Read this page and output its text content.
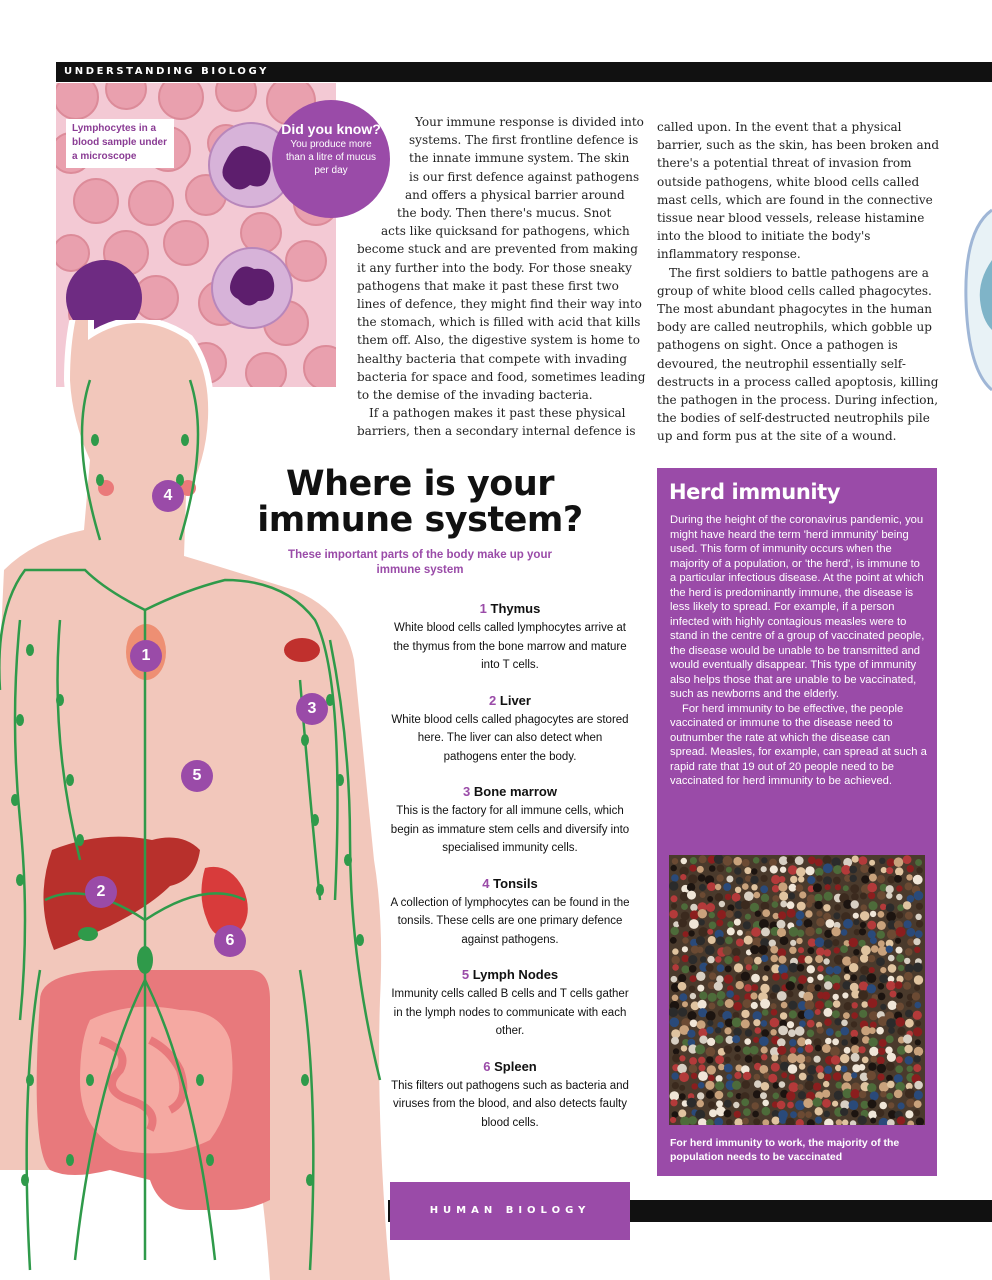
UNDERSTANDING BIOLOGY
Lymphocytes in a blood sample under a microscope
Did you know?
You produce more than a litre of mucus per day
Your immune response is divided into
systems. The first frontline defence is
the innate immune system. The skin
is our first defence against pathogens
and offers a physical barrier around
the body. Then there's mucus. Snot
acts like quicksand for pathogens, which
become stuck and are prevented from making
it any further into the body. For those sneaky
pathogens that make it past these first two
lines of defence, they might find their way into
the stomach, which is filled with acid that kills
them off. Also, the digestive system is home to
healthy bacteria that compete with invading
bacteria for space and food, sometimes leading
to the demise of the invading bacteria.
If a pathogen makes it past these physical
barriers, then a secondary internal defence is

called upon. In the event that a physical barrier, such as the skin, has been broken and there's a potential threat of invasion from outside pathogens, white blood cells called mast cells, which are found in the connective tissue near blood vessels, release histamine into the blood to initiate the body's inflammatory response.

The first soldiers to battle pathogens are a group of white blood cells called phagocytes. The most abundant phagocytes in the human body are called neutrophils, which gobble up pathogens on sight. Once a pathogen is devoured, the neutrophil essentially self-destructs in a process called apoptosis, killing the pathogen in the process. During infection, the bodies of self-destructed neutrophils pile up and form pus at the site of a wound.

1
2
3
4
5
6
Where is your
immune system?
These important parts of the body make up your immune system
1 Thymus
White blood cells called lymphocytes arrive at the thymus from the bone marrow and mature into T cells.
2 Liver
White blood cells called phagocytes are stored here. The liver can also detect when pathogens enter the body.
3 Bone marrow
This is the factory for all immune cells, which begin as immature stem cells and diversify into specialised immunity cells.
4 Tonsils
A collection of lymphocytes can be found in the tonsils. These cells are one primary defence against pathogens.
5 Lymph Nodes
Immunity cells called B cells and T cells gather in the lymph nodes to communicate with each other.
6 Spleen
This filters out pathogens such as bacteria and viruses from the blood, and also detects faulty blood cells.
Herd immunity

During the height of the coronavirus pandemic, you might have heard the term 'herd immunity' being used. This form of immunity occurs when the majority of a population, or 'the herd', is immune to a particular infectious disease. At the point at which the herd is predominantly immune, the disease is less likely to spread. For example, if a person infected with highly contagious measles were to stand in the centre of a group of vaccinated people, the disease would be unable to be transmitted and would eventually disappear. This type of immunity also helps those that are unable to be vaccinated, such as newborns and the elderly.

For herd immunity to be effective, the people vaccinated or immune to the disease need to outnumber the rate at which the disease can spread. Measles, for example, can spread at such a rapid rate that 19 out of 20 people need to be vaccinated for herd immunity to be achieved.

For herd immunity to work, the majority of the population needs to be vaccinated
HUMAN BIOLOGY
